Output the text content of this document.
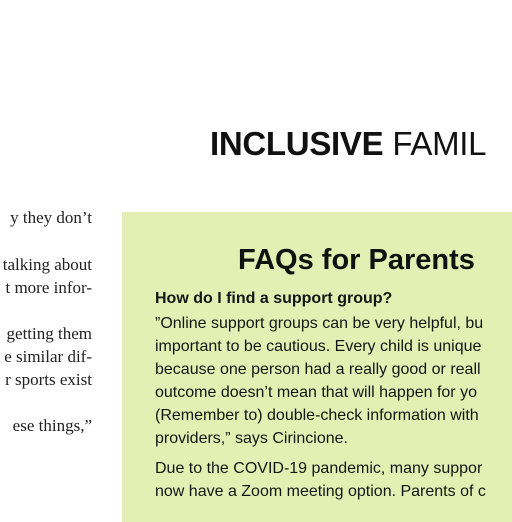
INCLUSIVE FAMIL
y they don’t
talking about
t more infor-
getting them
e similar dif-
r sports exist
ese things,”
FAQs for Parents
How do I find a support group?
”Online support groups can be very helpful, bu
important to be cautious. Every child is unique
because one person had a really good or reall
outcome doesn’t mean that will happen for yo
(Remember to) double-check information with
providers,” says Cirincione.
Due to the COVID-19 pandemic, many suppor
now have a Zoom meeting option. Parents of c
